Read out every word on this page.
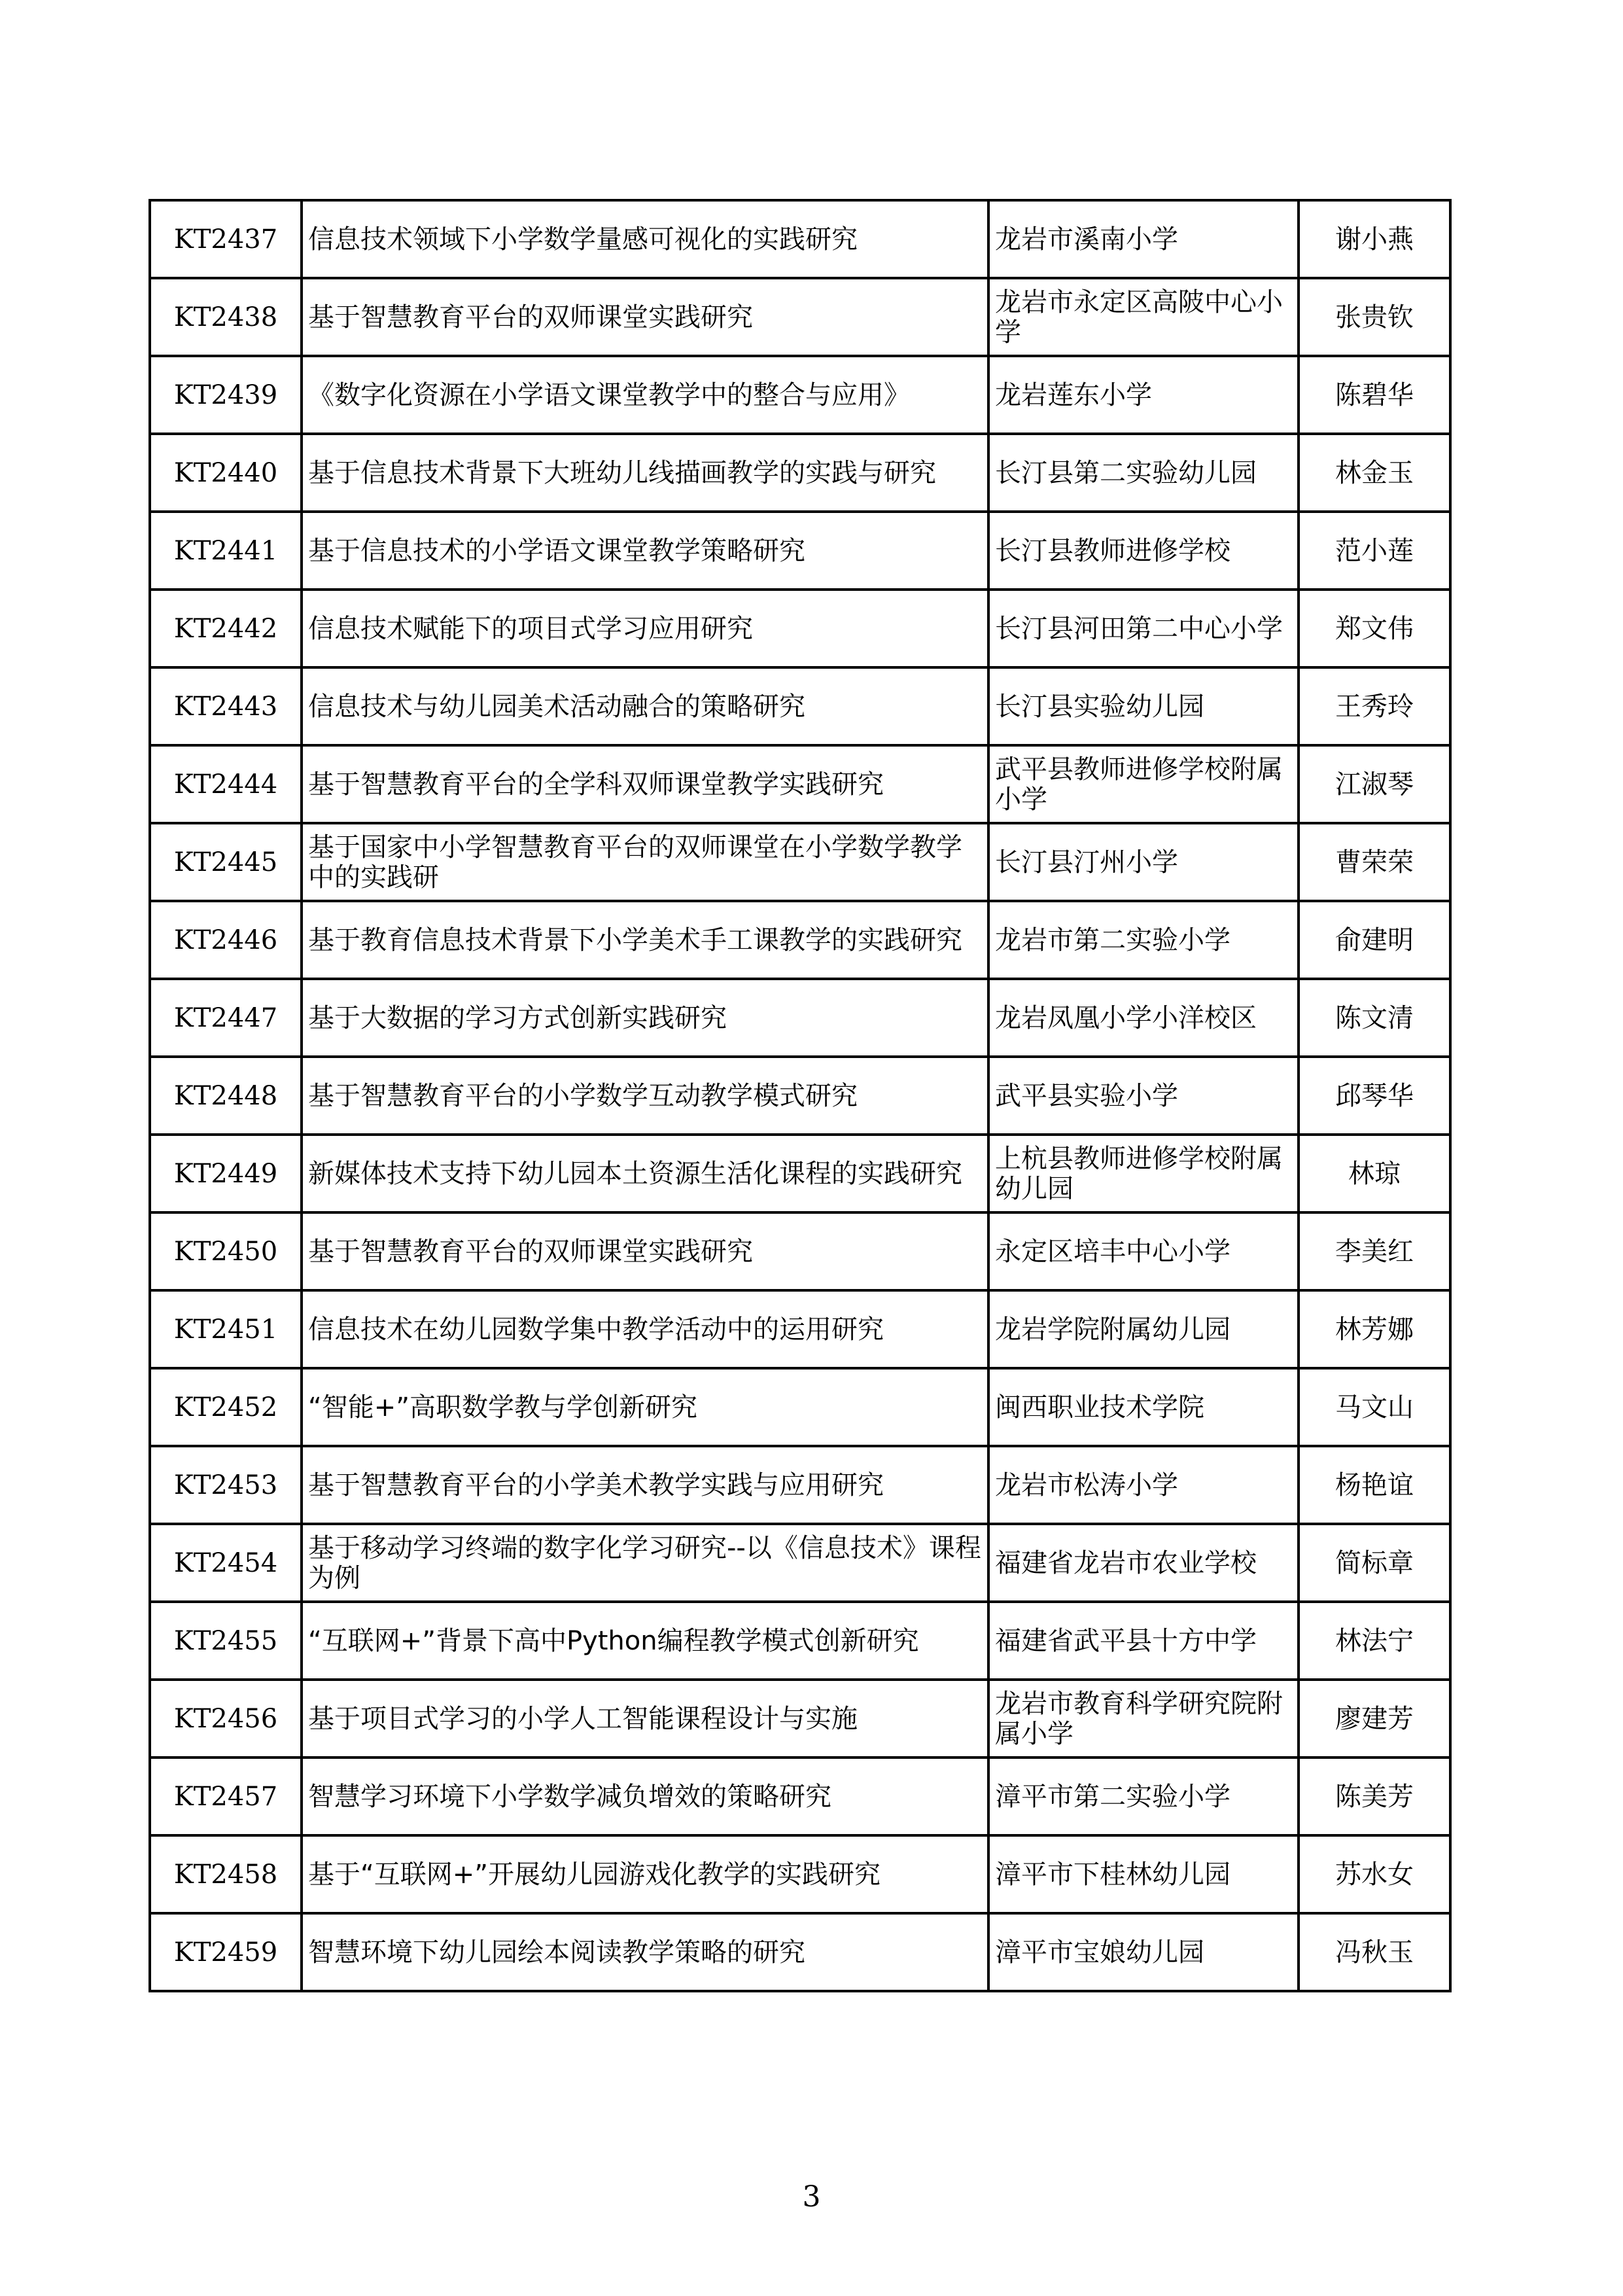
KT2437	信息技术领域下小学数学量感可视化的实践研究	龙岩市溪南小学	谢小燕
KT2438	基于智慧教育平台的双师课堂实践研究	龙岩市永定区高陂中心小学	张贵钦
KT2439	《数字化资源在小学语文课堂教学中的整合与应用》	龙岩莲东小学	陈碧华
KT2440	基于信息技术背景下大班幼儿线描画教学的实践与研究	长汀县第二实验幼儿园	林金玉
KT2441	基于信息技术的小学语文课堂教学策略研究	长汀县教师进修学校	范小莲
KT2442	信息技术赋能下的项目式学习应用研究	长汀县河田第二中心小学	郑文伟
KT2443	信息技术与幼儿园美术活动融合的策略研究	长汀县实验幼儿园	王秀玲
KT2444	基于智慧教育平台的全学科双师课堂教学实践研究	武平县教师进修学校附属小学	江淑琴
KT2445	基于国家中小学智慧教育平台的双师课堂在小学数学教学中的实践研	长汀县汀州小学	曹荣荣
KT2446	基于教育信息技术背景下小学美术手工课教学的实践研究	龙岩市第二实验小学	俞建明
KT2447	基于大数据的学习方式创新实践研究	龙岩凤凰小学小洋校区	陈文清
KT2448	基于智慧教育平台的小学数学互动教学模式研究	武平县实验小学	邱琴华
KT2449	新媒体技术支持下幼儿园本土资源生活化课程的实践研究	上杭县教师进修学校附属幼儿园	林琼
KT2450	基于智慧教育平台的双师课堂实践研究	永定区培丰中心小学	李美红
KT2451	信息技术在幼儿园数学集中教学活动中的运用研究	龙岩学院附属幼儿园	林芳娜
KT2452	“智能+”高职数学教与学创新研究	闽西职业技术学院	马文山
KT2453	基于智慧教育平台的小学美术教学实践与应用研究	龙岩市松涛小学	杨艳谊
KT2454	基于移动学习终端的数字化学习研究--以《信息技术》课程为例	福建省龙岩市农业学校	简标章
KT2455	“互联网+”背景下高中Python编程教学模式创新研究	福建省武平县十方中学	林法宁
KT2456	基于项目式学习的小学人工智能课程设计与实施	龙岩市教育科学研究院附属小学	廖建芳
KT2457	智慧学习环境下小学数学减负增效的策略研究	漳平市第二实验小学	陈美芳
KT2458	基于“互联网+”开展幼儿园游戏化教学的实践研究	漳平市下桂林幼儿园	苏水女
KT2459	智慧环境下幼儿园绘本阅读教学策略的研究	漳平市宝娘幼儿园	冯秋玉
3
